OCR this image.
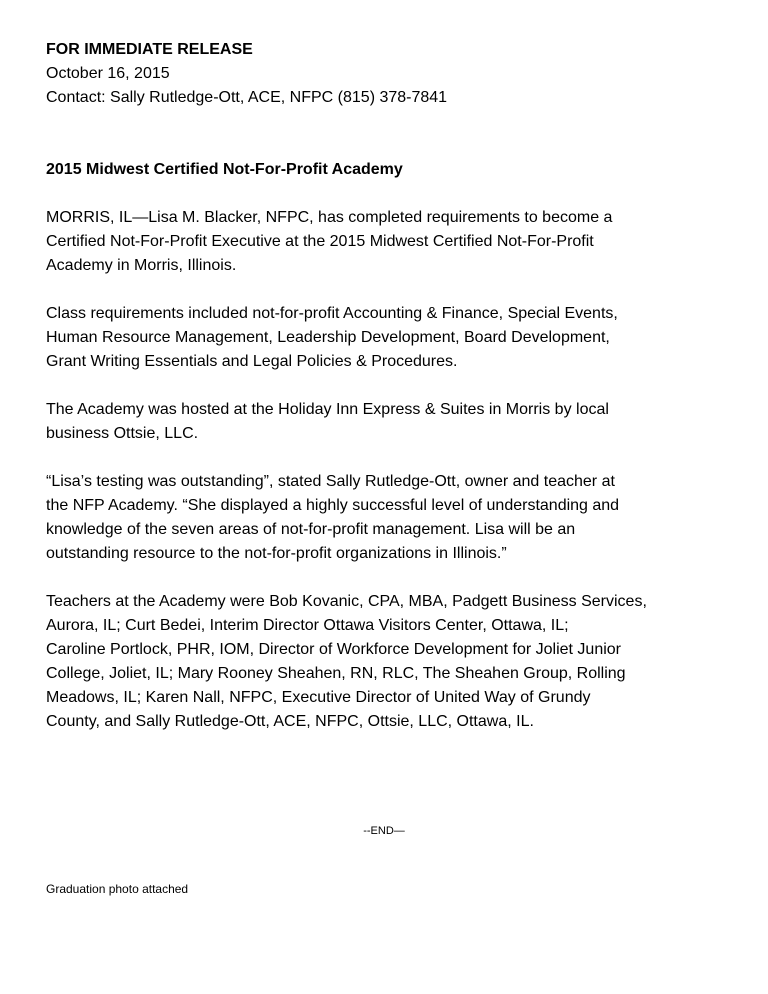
FOR IMMEDIATE RELEASE
October 16, 2015
Contact: Sally Rutledge-Ott, ACE, NFPC (815) 378-7841
2015 Midwest Certified Not-For-Profit Academy

MORRIS, IL—Lisa M. Blacker, NFPC, has completed requirements to become a

Certified Not-For-Profit Executive at the 2015 Midwest Certified Not-For-Profit

Academy in Morris, Illinois.

Class requirements included not-for-profit Accounting & Finance, Special Events,

Human Resource Management, Leadership Development, Board Development,

Grant Writing Essentials and Legal Policies & Procedures.

The Academy was hosted at the Holiday Inn Express & Suites in Morris by local

business Ottsie, LLC.

“Lisa’s testing was outstanding”, stated Sally Rutledge-Ott, owner and teacher at

the NFP Academy. “She displayed a highly successful level of understanding and

knowledge of the seven areas of not-for-profit management. Lisa will be an

outstanding resource to the not-for-profit organizations in Illinois.”

Teachers at the Academy were Bob Kovanic, CPA, MBA, Padgett Business Services,

Aurora, IL; Curt Bedei, Interim Director Ottawa Visitors Center, Ottawa, IL;

Caroline Portlock, PHR, IOM, Director of Workforce Development for Joliet Junior

College, Joliet, IL; Mary Rooney Sheahen, RN, RLC, The Sheahen Group, Rolling

Meadows, IL; Karen Nall, NFPC, Executive Director of United Way of Grundy

County, and Sally Rutledge-Ott, ACE, NFPC, Ottsie, LLC, Ottawa, IL.

--END—
Graduation photo attached
